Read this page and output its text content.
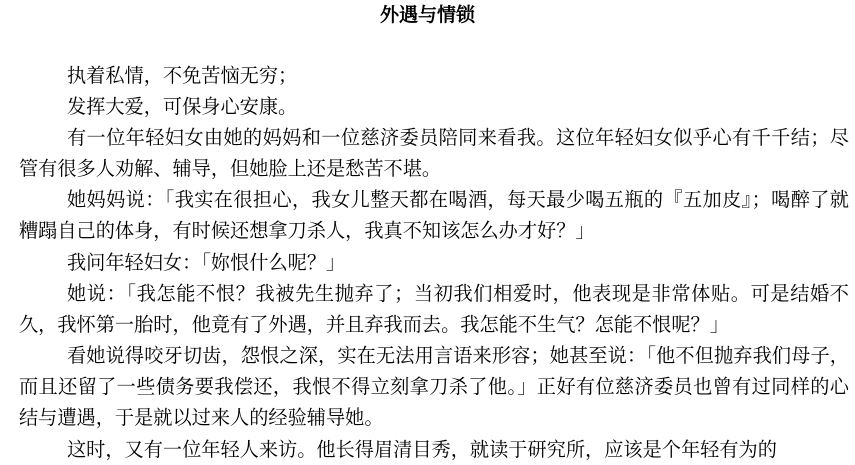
外遇与情锁

执着私情，不免苦恼无穷；

发挥大爱，可保身心安康。

有一位年轻妇女由她的妈妈和一位慈济委员陪同来看我。这位年轻妇女似乎心有千千结；尽管有很多人劝解、辅导，但她脸上还是愁苦不堪。

她妈妈说：「我实在很担心，我女儿整天都在喝酒，每天最少喝五瓶的『五加皮』；喝醉了就糟蹋自己的体身，有时候还想拿刀杀人，我真不知该怎么办才好？」

我问年轻妇女：「妳恨什么呢？」

她说：「我怎能不恨？我被先生抛弃了；当初我们相爱时，他表现是非常体贴。可是结婚不久，我怀第一胎时，他竟有了外遇，并且弃我而去。我怎能不生气？怎能不恨呢？」

看她说得咬牙切齿，怨恨之深，实在无法用言语来形容；她甚至说：「他不但抛弃我们母子，而且还留了一些债务要我偿还，我恨不得立刻拿刀杀了他。」正好有位慈济委员也曾有过同样的心结与遭遇，于是就以过来人的经验辅导她。

这时，又有一位年轻人来访。他长得眉清目秀，就读于研究所，应该是个年轻有为的
